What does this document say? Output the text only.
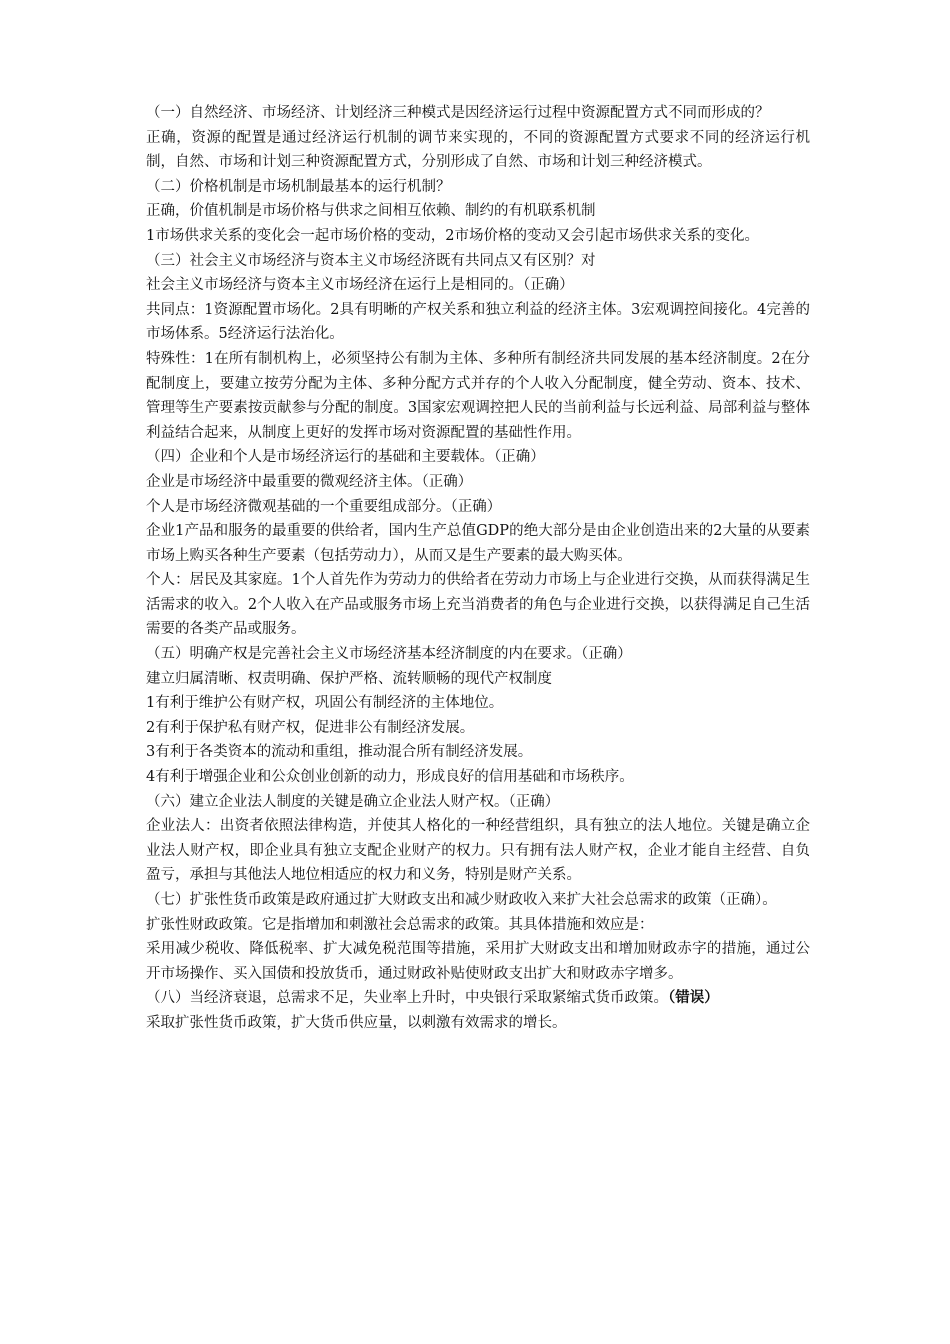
（一）自然经济、市场经济、计划经济三种模式是因经济运行过程中资源配置方式不同而形成的？
正确，资源的配置是通过经济运行机制的调节来实现的，不同的资源配置方式要求不同的经济运行机制，自然、市场和计划三种资源配置方式，分别形成了自然、市场和计划三种经济模式。
（二）价格机制是市场机制最基本的运行机制？
正确，价值机制是市场价格与供求之间相互依赖、制约的有机联系机制
1市场供求关系的变化会一起市场价格的变动，2市场价格的变动又会引起市场供求关系的变化。
（三）社会主义市场经济与资本主义市场经济既有共同点又有区别？对
社会主义市场经济与资本主义市场经济在运行上是相同的。（正确）
共同点：1资源配置市场化。2具有明晰的产权关系和独立利益的经济主体。3宏观调控间接化。4完善的市场体系。5经济运行法治化。
特殊性：1在所有制机构上，必须坚持公有制为主体、多种所有制经济共同发展的基本经济制度。2在分配制度上，要建立按劳分配为主体、多种分配方式并存的个人收入分配制度，健全劳动、资本、技术、管理等生产要素按贡献参与分配的制度。3国家宏观调控把人民的当前利益与长远利益、局部利益与整体利益结合起来，从制度上更好的发挥市场对资源配置的基础性作用。
（四）企业和个人是市场经济运行的基础和主要载体。（正确）
企业是市场经济中最重要的微观经济主体。（正确）
个人是市场经济微观基础的一个重要组成部分。（正确）
企业1产品和服务的最重要的供给者，国内生产总值GDP的绝大部分是由企业创造出来的2大量的从要素市场上购买各种生产要素（包括劳动力），从而又是生产要素的最大购买体。
个人：居民及其家庭。1个人首先作为劳动力的供给者在劳动力市场上与企业进行交换，从而获得满足生活需求的收入。2个人收入在产品或服务市场上充当消费者的角色与企业进行交换，以获得满足自己生活需要的各类产品或服务。
（五）明确产权是完善社会主义市场经济基本经济制度的内在要求。（正确）
建立归属清晰、权责明确、保护严格、流转顺畅的现代产权制度
1有利于维护公有财产权，巩固公有制经济的主体地位。
2有利于保护私有财产权，促进非公有制经济发展。
3有利于各类资本的流动和重组，推动混合所有制经济发展。
4有利于增强企业和公众创业创新的动力，形成良好的信用基础和市场秩序。
（六）建立企业法人制度的关键是确立企业法人财产权。（正确）
企业法人：出资者依照法律构造，并使其人格化的一种经营组织，具有独立的法人地位。关键是确立企业法人财产权，即企业具有独立支配企业财产的权力。只有拥有法人财产权，企业才能自主经营、自负盈亏，承担与其他法人地位相适应的权力和义务，特别是财产关系。
（七）扩张性货币政策是政府通过扩大财政支出和减少财政收入来扩大社会总需求的政策（正确）。
扩张性财政政策。它是指增加和刺激社会总需求的政策。其具体措施和效应是：
采用减少税收、降低税率、扩大减免税范围等措施，采用扩大财政支出和增加财政赤字的措施，通过公开市场操作、买入国债和投放货币，通过财政补贴使财政支出扩大和财政赤字增多。
（八）当经济衰退，总需求不足，失业率上升时，中央银行采取紧缩式货币政策。（错误）
采取扩张性货币政策，扩大货币供应量，以刺激有效需求的增长。
